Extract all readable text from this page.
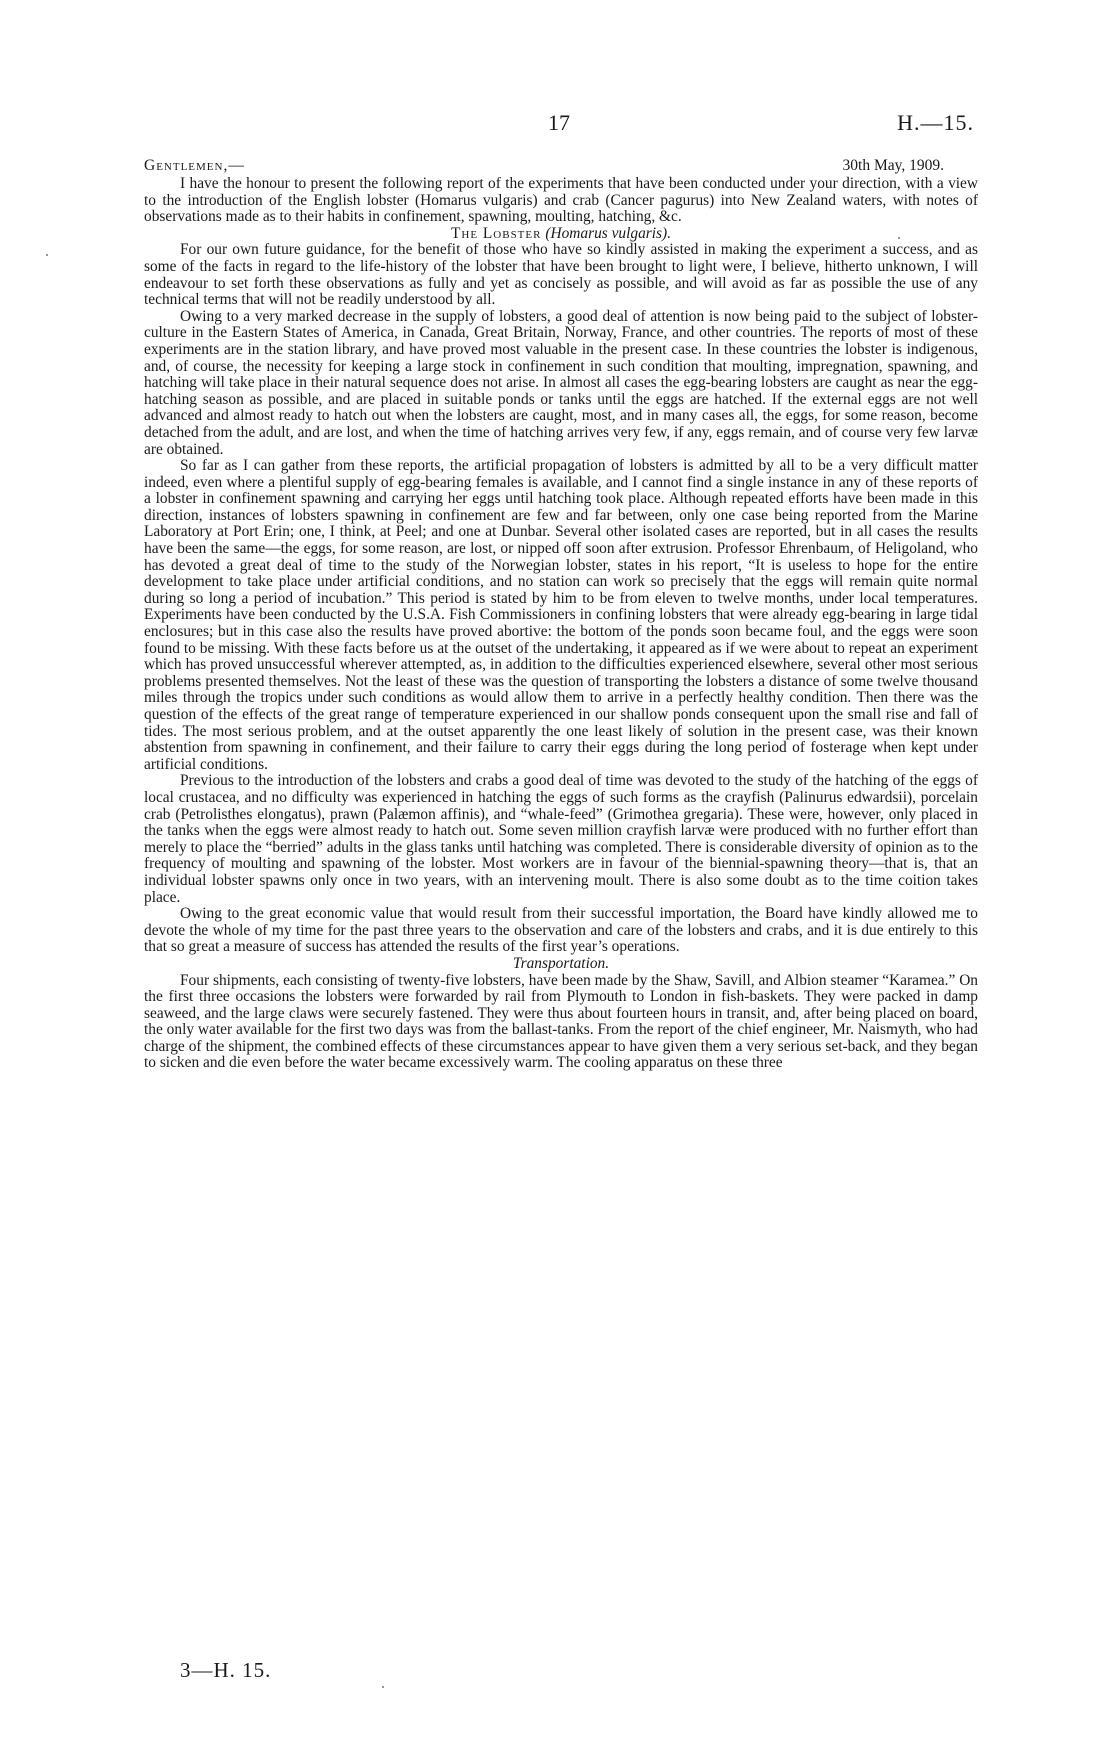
17	H.—15.
Gentlemen,—	30th May, 1909.

I have the honour to present the following report of the experiments that have been conducted under your direction, with a view to the introduction of the English lobster (Homarus vulgaris) and crab (Cancer pagurus) into New Zealand waters, with notes of observations made as to their habits in confinement, spawning, moulting, hatching, &c.

The Lobster (Homarus vulgaris).

For our own future guidance, for the benefit of those who have so kindly assisted in making the experiment a success, and as some of the facts in regard to the life-history of the lobster that have been brought to light were, I believe, hitherto unknown, I will endeavour to set forth these observations as fully and yet as concisely as possible, and will avoid as far as possible the use of any technical terms that will not be readily understood by all.

Owing to a very marked decrease in the supply of lobsters, a good deal of attention is now being paid to the subject of lobster-culture in the Eastern States of America, in Canada, Great Britain, Norway, France, and other countries. The reports of most of these experiments are in the station library, and have proved most valuable in the present case. In these countries the lobster is indigenous, and, of course, the necessity for keeping a large stock in confinement in such condition that moulting, impregnation, spawning, and hatching will take place in their natural sequence does not arise. In almost all cases the egg-bearing lobsters are caught as near the egg-hatching season as possible, and are placed in suitable ponds or tanks until the eggs are hatched. If the external eggs are not well advanced and almost ready to hatch out when the lobsters are caught, most, and in many cases all, the eggs, for some reason, become detached from the adult, and are lost, and when the time of hatching arrives very few, if any, eggs remain, and of course very few larvæ are obtained.

So far as I can gather from these reports, the artificial propagation of lobsters is admitted by all to be a very difficult matter indeed, even where a plentiful supply of egg-bearing females is available, and I cannot find a single instance in any of these reports of a lobster in confinement spawning and carrying her eggs until hatching took place. Although repeated efforts have been made in this direction, instances of lobsters spawning in confinement are few and far between, only one case being reported from the Marine Laboratory at Port Erin; one, I think, at Peel; and one at Dunbar. Several other isolated cases are reported, but in all cases the results have been the same—the eggs, for some reason, are lost, or nipped off soon after extrusion. Professor Ehrenbaum, of Heligoland, who has devoted a great deal of time to the study of the Norwegian lobster, states in his report, “It is useless to hope for the entire development to take place under artificial conditions, and no station can work so precisely that the eggs will remain quite normal during so long a period of incubation.” This period is stated by him to be from eleven to twelve months, under local temperatures. Experiments have been conducted by the U.S.A. Fish Commissioners in confining lobsters that were already egg-bearing in large tidal enclosures; but in this case also the results have proved abortive: the bottom of the ponds soon became foul, and the eggs were soon found to be missing. With these facts before us at the outset of the undertaking, it appeared as if we were about to repeat an experiment which has proved unsuccessful wherever attempted, as, in addition to the difficulties experienced elsewhere, several other most serious problems presented themselves. Not the least of these was the question of transporting the lobsters a distance of some twelve thousand miles through the tropics under such conditions as would allow them to arrive in a perfectly healthy condition. Then there was the question of the effects of the great range of temperature experienced in our shallow ponds consequent upon the small rise and fall of tides. The most serious problem, and at the outset apparently the one least likely of solution in the present case, was their known abstention from spawning in confinement, and their failure to carry their eggs during the long period of fosterage when kept under artificial conditions.

Previous to the introduction of the lobsters and crabs a good deal of time was devoted to the study of the hatching of the eggs of local crustacea, and no difficulty was experienced in hatching the eggs of such forms as the crayfish (Palinurus edwardsii), porcelain crab (Petrolisthes elongatus), prawn (Palæmon affinis), and “whale-feed” (Grimothea gregaria). These were, however, only placed in the tanks when the eggs were almost ready to hatch out. Some seven million crayfish larvæ were produced with no further effort than merely to place the “berried” adults in the glass tanks until hatching was completed. There is considerable diversity of opinion as to the frequency of moulting and spawning of the lobster. Most workers are in favour of the biennial-spawning theory—that is, that an individual lobster spawns only once in two years, with an intervening moult. There is also some doubt as to the time coition takes place.

Owing to the great economic value that would result from their successful importation, the Board have kindly allowed me to devote the whole of my time for the past three years to the observation and care of the lobsters and crabs, and it is due entirely to this that so great a measure of success has attended the results of the first year’s operations.

Transportation.

Four shipments, each consisting of twenty-five lobsters, have been made by the Shaw, Savill, and Albion steamer “Karamea.” On the first three occasions the lobsters were forwarded by rail from Plymouth to London in fish-baskets. They were packed in damp seaweed, and the large claws were securely fastened. They were thus about fourteen hours in transit, and, after being placed on board, the only water available for the first two days was from the ballast-tanks. From the report of the chief engineer, Mr. Naismyth, who had charge of the shipment, the combined effects of these circumstances appear to have given them a very serious set-back, and they began to sicken and die even before the water became excessively warm. The cooling apparatus on these three

3—H. 15.
